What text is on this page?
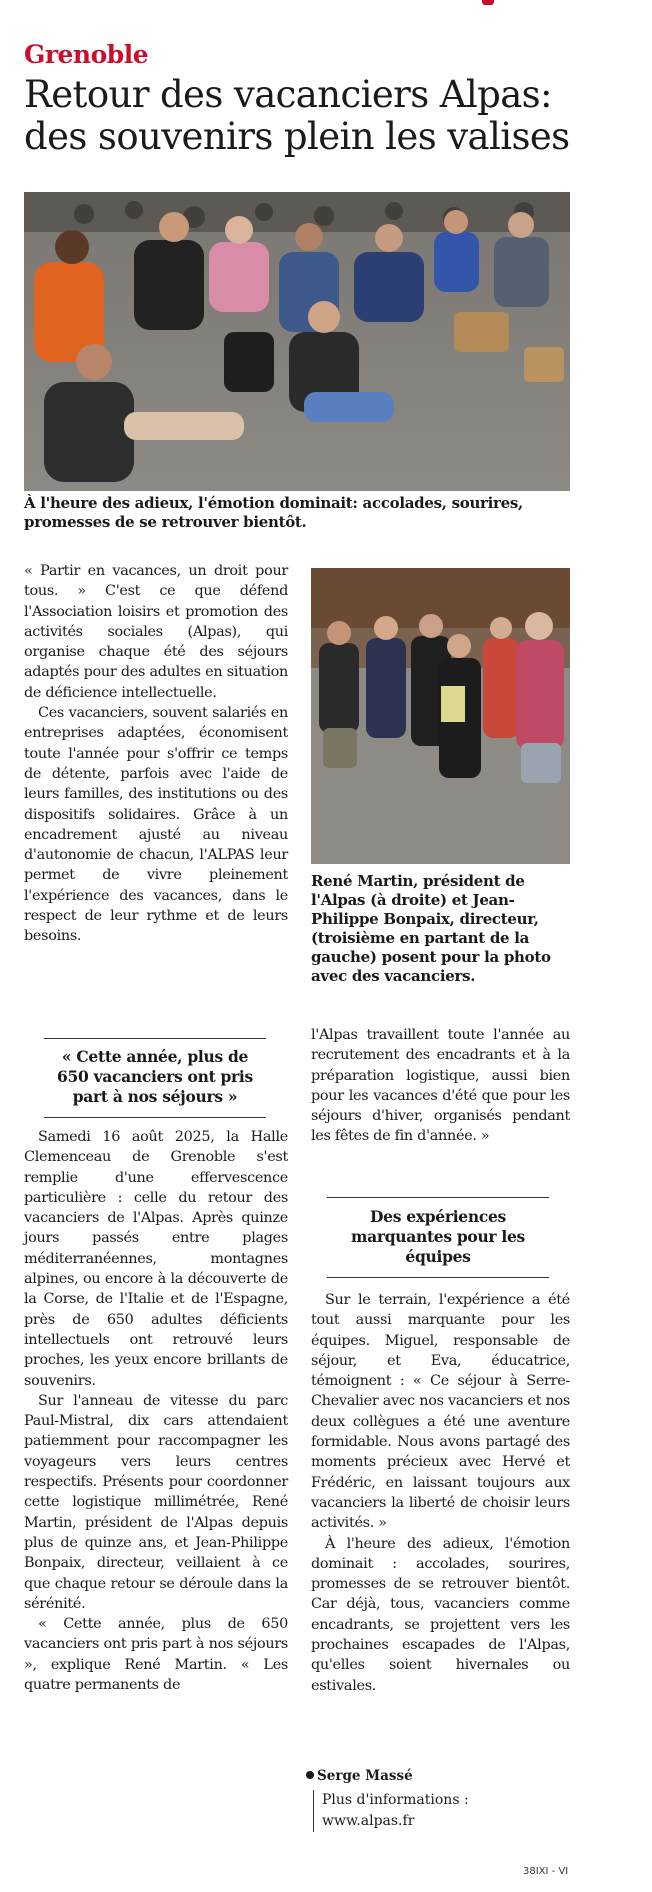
Grenoble
Retour des vacanciers Alpas: des souvenirs plein les valises
À l'heure des adieux, l'émotion dominait: accolades, sourires, promesses de se retrouver bientôt.
René Martin, président de l'Alpas (à droite) et Jean-Philippe Bonpaix, directeur, (troisième en partant de la gauche) posent pour la photo avec des vacanciers.

« Partir en vacances, un droit pour tous. » C'est ce que défend l'Association loisirs et promotion des activités sociales (Alpas), qui organise chaque été des séjours adaptés pour des adultes en situation de déficience intellectuelle.

Ces vacanciers, souvent salariés en entreprises adaptées, économisent toute l'année pour s'offrir ce temps de détente, parfois avec l'aide de leurs familles, des institutions ou des dispositifs solidaires. Grâce à un encadrement ajusté au niveau d'autonomie de chacun, l'ALPAS leur permet de vivre pleinement l'expérience des vacances, dans le respect de leur rythme et de leurs besoins.

« Cette année, plus de 650 vacanciers ont pris part à nos séjours »

Samedi 16 août 2025, la Halle Clemenceau de Grenoble s'est remplie d'une effervescence particulière : celle du retour des vacanciers de l'Alpas. Après quinze jours passés entre plages méditerranéennes, montagnes alpines, ou encore à la découverte de la Corse, de l'Italie et de l'Espagne, près de 650 adultes déficients intellectuels ont retrouvé leurs proches, les yeux encore brillants de souvenirs.

Sur l'anneau de vitesse du parc Paul-Mistral, dix cars attendaient patiemment pour raccompagner les voyageurs vers leurs centres respectifs. Présents pour coordonner cette logistique millimétrée, René Martin, président de l'Alpas depuis plus de quinze ans, et Jean-Philippe Bonpaix, directeur, veillaient à ce que chaque retour se déroule dans la sérénité.

« Cette année, plus de 650 vacanciers ont pris part à nos séjours », explique René Martin. « Les quatre permanents de

l'Alpas travaillent toute l'année au recrutement des encadrants et à la préparation logistique, aussi bien pour les vacances d'été que pour les séjours d'hiver, organisés pendant les fêtes de fin d'année. »

Des expériences marquantes pour les équipes

Sur le terrain, l'expérience a été tout aussi marquante pour les équipes. Miguel, responsable de séjour, et Eva, éducatrice, témoignent : « Ce séjour à Serre-Chevalier avec nos vacanciers et nos deux collègues a été une aventure formidable. Nous avons partagé des moments précieux avec Hervé et Frédéric, en laissant toujours aux vacanciers la liberté de choisir leurs activités. »

À l'heure des adieux, l'émotion dominait : accolades, sourires, promesses de se retrouver bientôt. Car déjà, tous, vacanciers comme encadrants, se projettent vers les prochaines escapades de l'Alpas, qu'elles soient hivernales ou estivales.

Serge Massé
Plus d'informations :
www.alpas.fr
38IXI - VI
